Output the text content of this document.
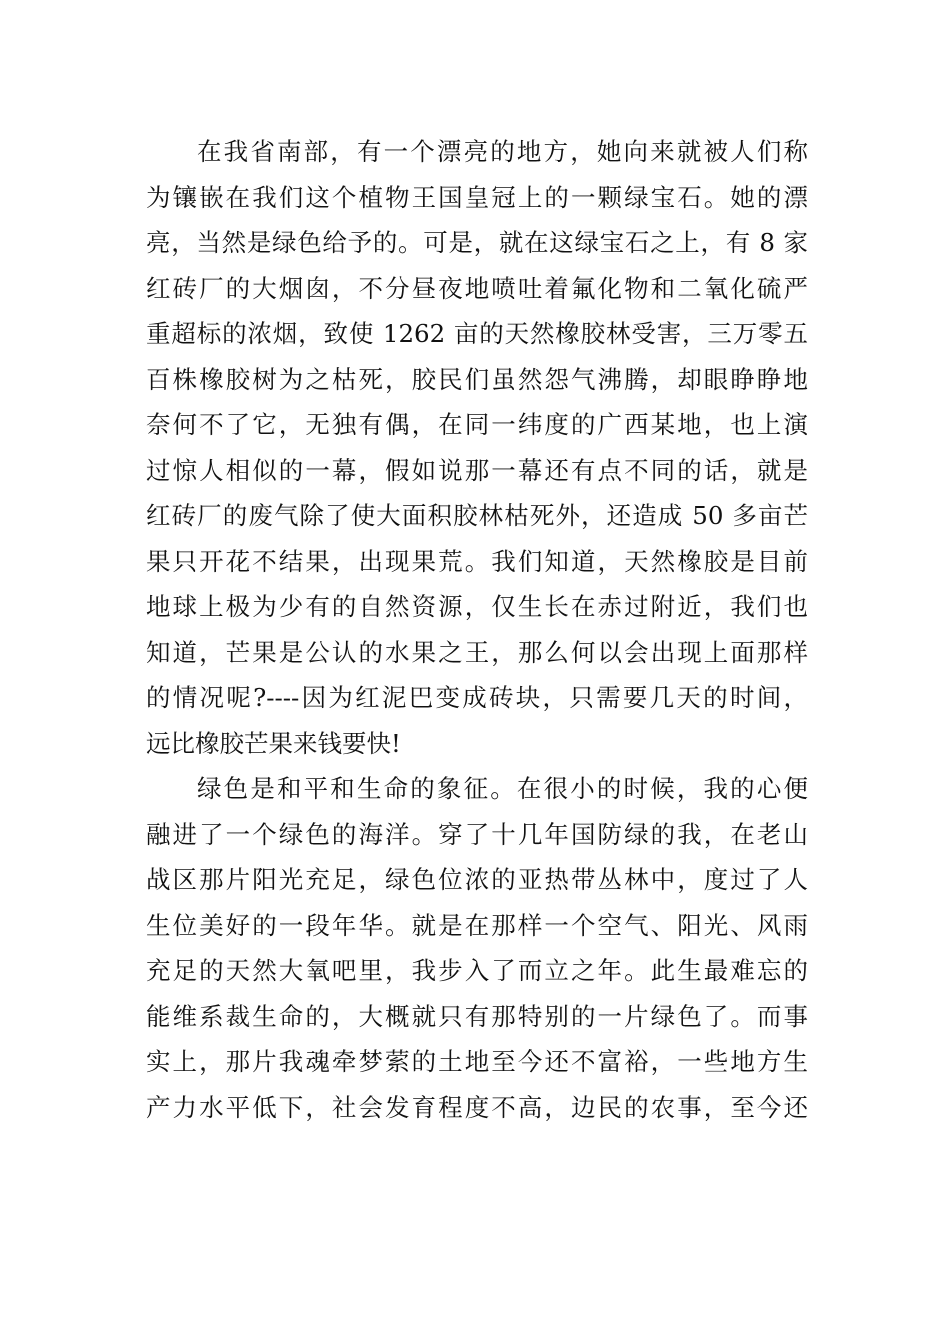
在我省南部，有一个漂亮的地方，她向来就被人们称
为镶嵌在我们这个植物王国皇冠上的一颗绿宝石。她的漂
亮，当然是绿色给予的。可是，就在这绿宝石之上，有 8 家
红砖厂的大烟囱，不分昼夜地喷吐着氟化物和二氧化硫严
重超标的浓烟，致使 1262 亩的天然橡胶林受害，三万零五
百株橡胶树为之枯死，胶民们虽然怨气沸腾，却眼睁睁地
奈何不了它，无独有偶，在同一纬度的广西某地，也上演
过惊人相似的一幕，假如说那一幕还有点不同的话，就是
红砖厂的废气除了使大面积胶林枯死外，还造成 50 多亩芒
果只开花不结果，出现果荒。我们知道，天然橡胶是目前
地球上极为少有的自然资源，仅生长在赤过附近，我们也
知道，芒果是公认的水果之王，那么何以会出现上面那样
的情况呢?----因为红泥巴变成砖块，只需要几天的时间，
远比橡胶芒果来钱要快!
绿色是和平和生命的象征。在很小的时候，我的心便
融进了一个绿色的海洋。穿了十几年国防绿的我，在老山
战区那片阳光充足，绿色位浓的亚热带丛林中，度过了人
生位美好的一段年华。就是在那样一个空气、阳光、风雨
充足的天然大氧吧里，我步入了而立之年。此生最难忘的
能维系裁生命的，大概就只有那特别的一片绿色了。而事
实上，那片我魂牵梦萦的土地至今还不富裕，一些地方生
产力水平低下，社会发育程度不高，边民的农事，至今还
